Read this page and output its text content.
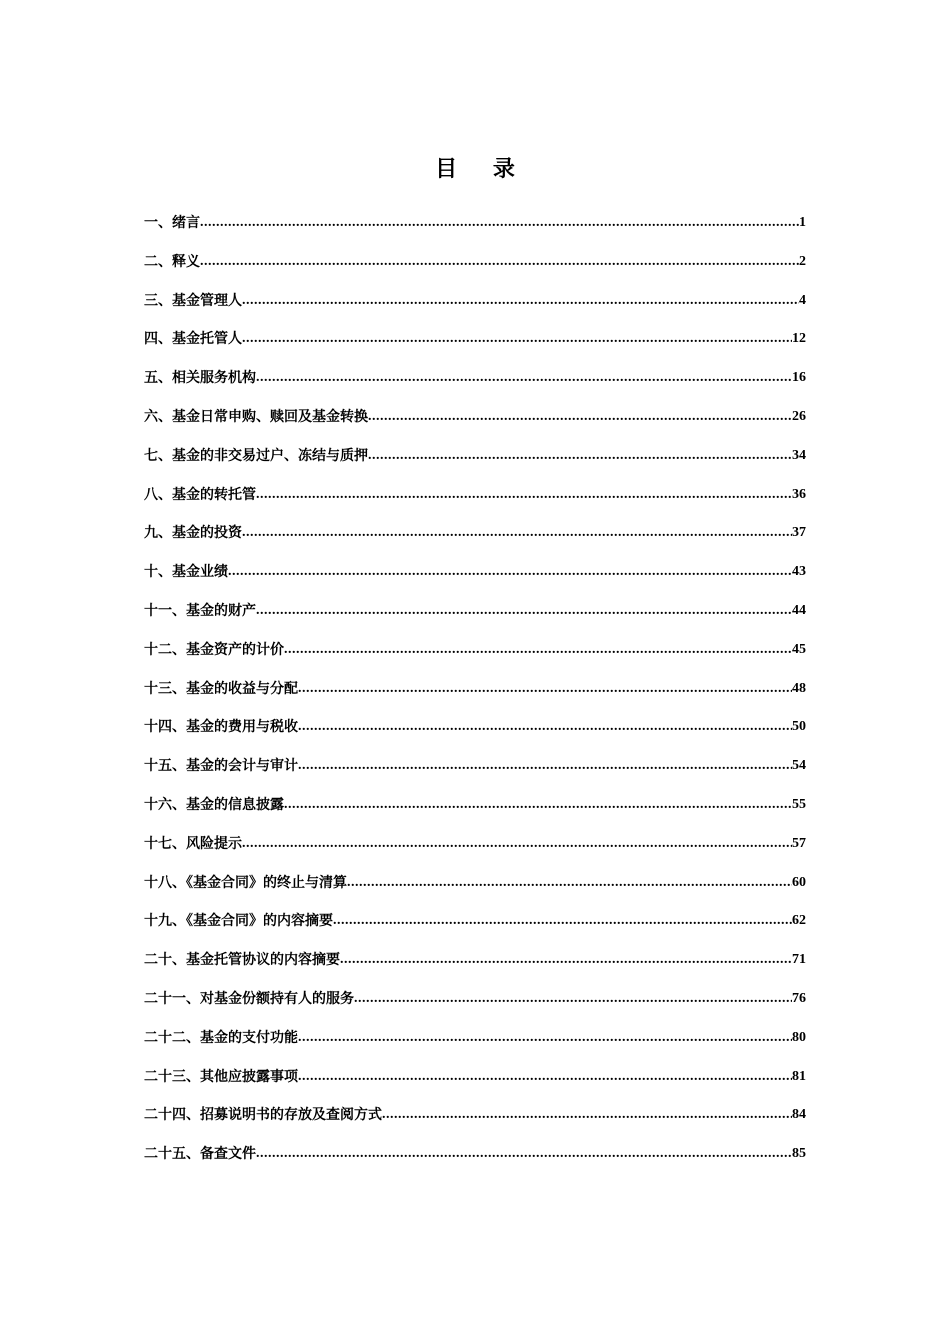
目 录
一、绪言 .....	1
二、释义 .....	2
三、基金管理人 .....	4
四、基金托管人 .....	12
五、相关服务机构 .....	16
六、基金日常申购、赎回及基金转换 .....	26
七、基金的非交易过户、冻结与质押 .....	34
八、基金的转托管 .....	36
九、基金的投资 .....	37
十、基金业绩 .....	43
十一、基金的财产 .....	44
十二、基金资产的计价 .....	45
十三、基金的收益与分配 .....	48
十四、基金的费用与税收 .....	50
十五、基金的会计与审计 .....	54
十六、基金的信息披露 .....	55
十七、风险提示 .....	57
十八、《基金合同》的终止与清算 .....	60
十九、《基金合同》的内容摘要 .....	62
二十、基金托管协议的内容摘要 .....	71
二十一、对基金份额持有人的服务 .....	76
二十二、基金的支付功能 .....	80
二十三、其他应披露事项 .....	81
二十四、招募说明书的存放及查阅方式 .....	84
二十五、备查文件 .....	85
